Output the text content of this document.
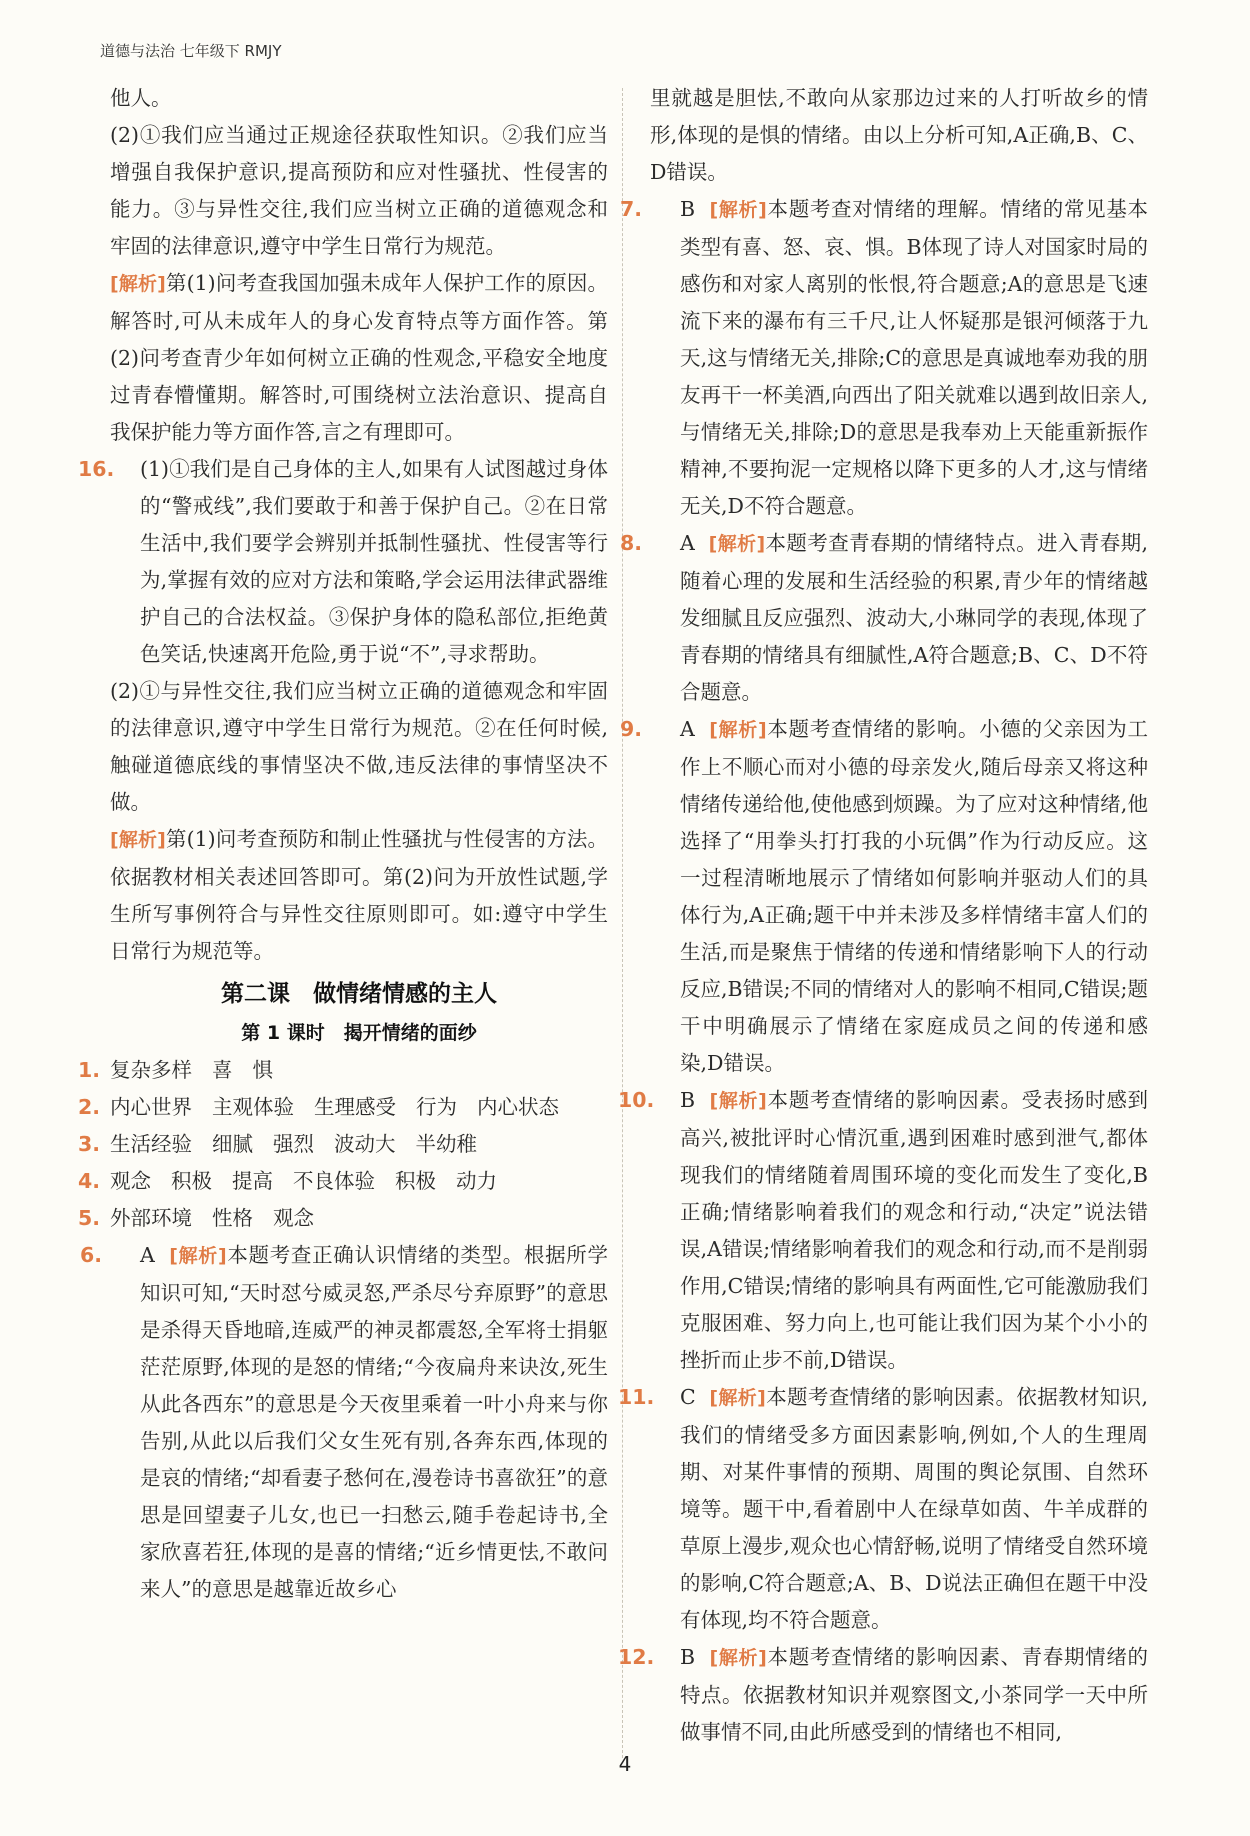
道德与法治 七年级下 RMJY

他人。

(2)①我们应当通过正规途径获取性知识。②我们应当增强自我保护意识,提高预防和应对性骚扰、性侵害的能力。③与异性交往,我们应当树立正确的道德观念和牢固的法律意识,遵守中学生日常行为规范。

[解析]第(1)问考查我国加强未成年人保护工作的原因。解答时,可从未成年人的身心发育特点等方面作答。第(2)问考查青少年如何树立正确的性观念,平稳安全地度过青春懵懂期。解答时,可围绕树立法治意识、提高自我保护能力等方面作答,言之有理即可。

16. (1)①我们是自己身体的主人,如果有人试图越过身体的“警戒线”,我们要敢于和善于保护自己。②在日常生活中,我们要学会辨别并抵制性骚扰、性侵害等行为,掌握有效的应对方法和策略,学会运用法律武器维护自己的合法权益。③保护身体的隐私部位,拒绝黄色笑话,快速离开危险,勇于说“不”,寻求帮助。

(2)①与异性交往,我们应当树立正确的道德观念和牢固的法律意识,遵守中学生日常行为规范。②在任何时候,触碰道德底线的事情坚决不做,违反法律的事情坚决不做。

[解析]第(1)问考查预防和制止性骚扰与性侵害的方法。依据教材相关表述回答即可。第(2)问为开放性试题,学生所写事例符合与异性交往原则即可。如:遵守中学生日常行为规范等。

第二课　做情绪情感的主人
第 1 课时　揭开情绪的面纱
1. 复杂多样 喜 惧
2. 内心世界 主观体验 生理感受 行为 内心状态
3. 生活经验 细腻 强烈 波动大 半幼稚
4. 观念 积极 提高 不良体验 积极 动力
5. 外部环境 性格 观念
6. A [解析]本题考查正确认识情绪的类型。根据所学知识可知,“天时怼兮威灵怒,严杀尽兮弃原野”的意思是杀得天昏地暗,连威严的神灵都震怒,全军将士捐躯茫茫原野,体现的是怒的情绪;“今夜扁舟来诀汝,死生从此各西东”的意思是今天夜里乘着一叶小舟来与你告别,从此以后我们父女生死有别,各奔东西,体现的是哀的情绪;“却看妻子愁何在,漫卷诗书喜欲狂”的意思是回望妻子儿女,也已一扫愁云,随手卷起诗书,全家欣喜若狂,体现的是喜的情绪;“近乡情更怯,不敢问来人”的意思是越靠近故乡心

里就越是胆怯,不敢向从家那边过来的人打听故乡的情形,体现的是惧的情绪。由以上分析可知,A正确,B、C、D错误。

7. B [解析]本题考查对情绪的理解。情绪的常见基本类型有喜、怒、哀、惧。B体现了诗人对国家时局的感伤和对家人离别的怅恨,符合题意;A的意思是飞速流下来的瀑布有三千尺,让人怀疑那是银河倾落于九天,这与情绪无关,排除;C的意思是真诚地奉劝我的朋友再干一杯美酒,向西出了阳关就难以遇到故旧亲人,与情绪无关,排除;D的意思是我奉劝上天能重新振作精神,不要拘泥一定规格以降下更多的人才,这与情绪无关,D不符合题意。

8. A [解析]本题考查青春期的情绪特点。进入青春期,随着心理的发展和生活经验的积累,青少年的情绪越发细腻且反应强烈、波动大,小琳同学的表现,体现了青春期的情绪具有细腻性,A符合题意;B、C、D不符合题意。

9. A [解析]本题考查情绪的影响。小德的父亲因为工作上不顺心而对小德的母亲发火,随后母亲又将这种情绪传递给他,使他感到烦躁。为了应对这种情绪,他选择了“用拳头打打我的小玩偶”作为行动反应。这一过程清晰地展示了情绪如何影响并驱动人们的具体行为,A正确;题干中并未涉及多样情绪丰富人们的生活,而是聚焦于情绪的传递和情绪影响下人的行动反应,B错误;不同的情绪对人的影响不相同,C错误;题干中明确展示了情绪在家庭成员之间的传递和感染,D错误。

10. B [解析]本题考查情绪的影响因素。受表扬时感到高兴,被批评时心情沉重,遇到困难时感到泄气,都体现我们的情绪随着周围环境的变化而发生了变化,B正确;情绪影响着我们的观念和行动,“决定”说法错误,A错误;情绪影响着我们的观念和行动,而不是削弱作用,C错误;情绪的影响具有两面性,它可能激励我们克服困难、努力向上,也可能让我们因为某个小小的挫折而止步不前,D错误。

11. C [解析]本题考查情绪的影响因素。依据教材知识,我们的情绪受多方面因素影响,例如,个人的生理周期、对某件事情的预期、周围的舆论氛围、自然环境等。题干中,看着剧中人在绿草如茵、牛羊成群的草原上漫步,观众也心情舒畅,说明了情绪受自然环境的影响,C符合题意;A、B、D说法正确但在题干中没有体现,均不符合题意。

12. B [解析]本题考查情绪的影响因素、青春期情绪的特点。依据教材知识并观察图文,小茶同学一天中所做事情不同,由此所感受到的情绪也不相同,

4
